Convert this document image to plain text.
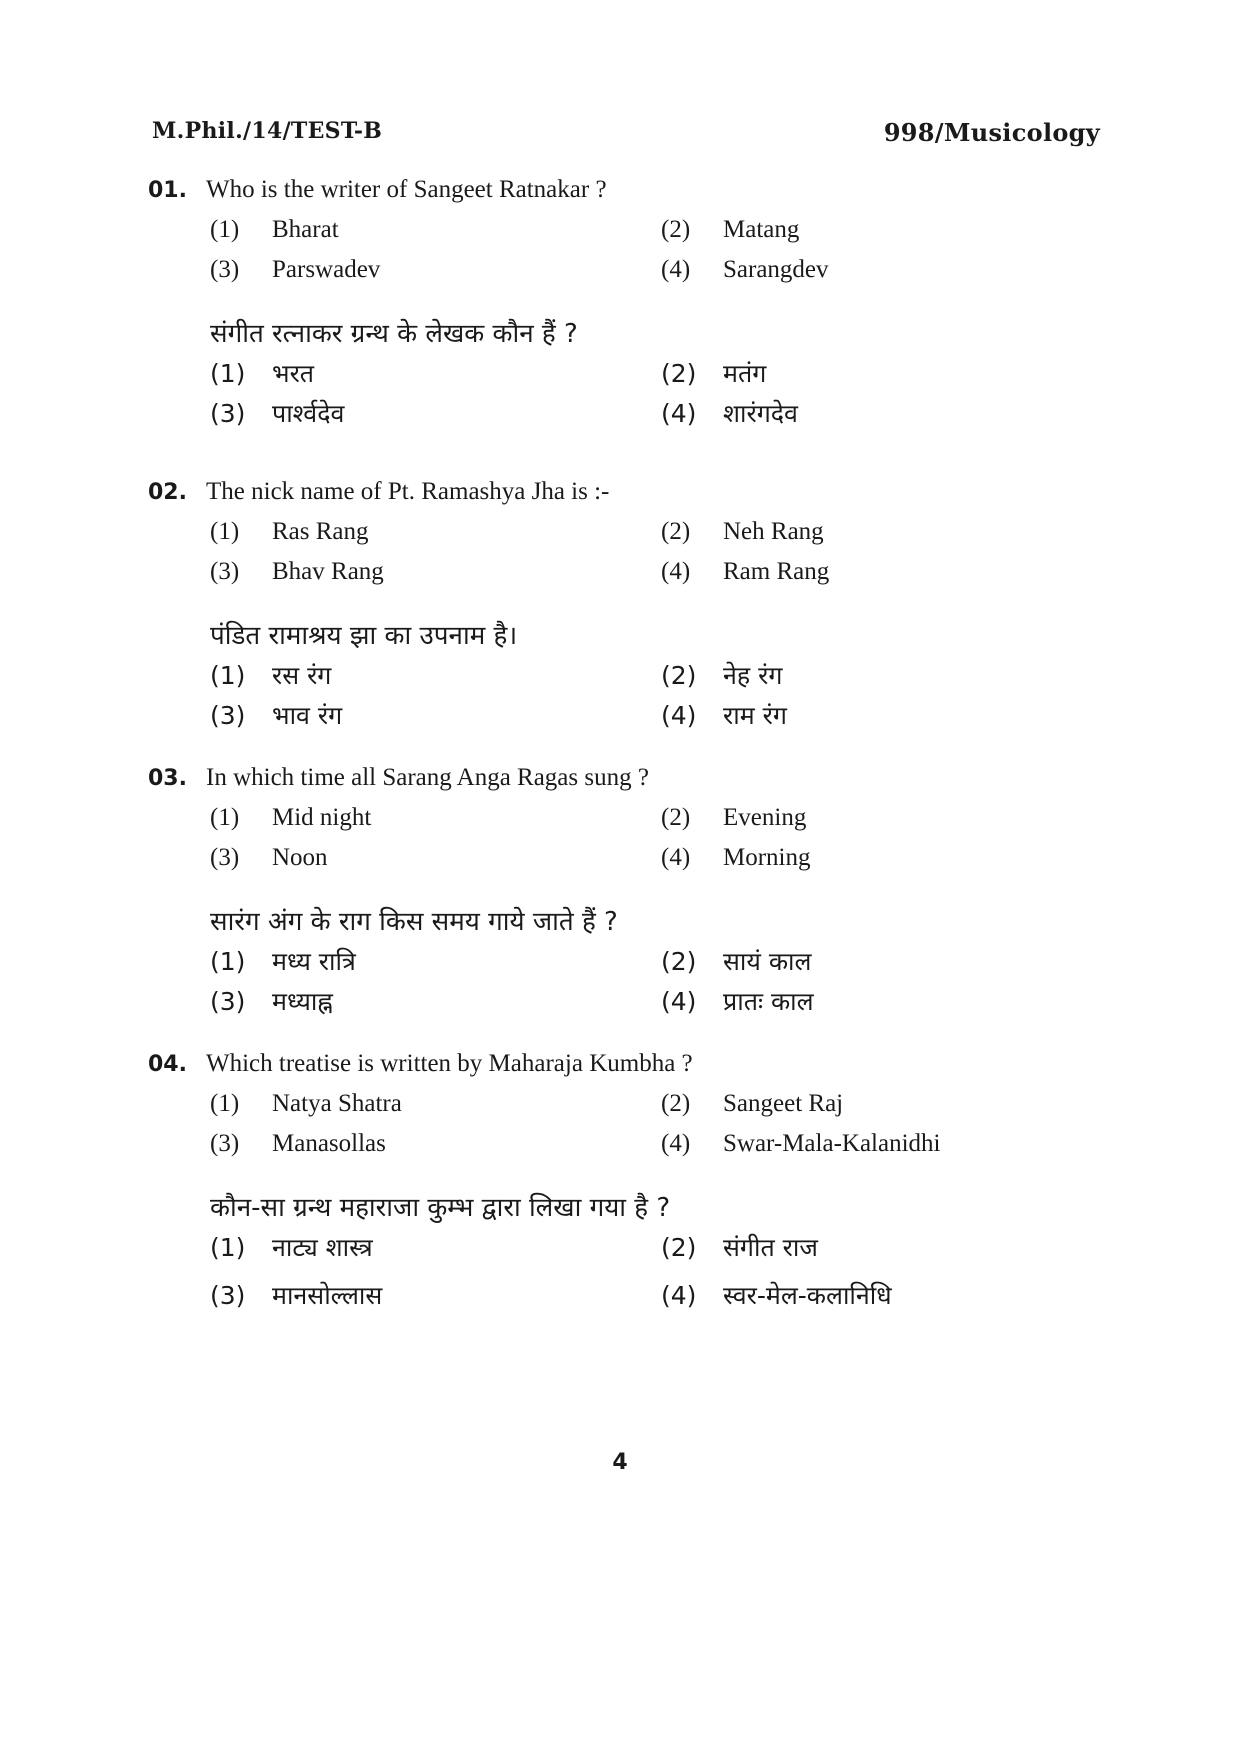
M.Phil./14/TEST-B	998/Musicology
01. Who is the writer of Sangeet Ratnakar ?
(1)	Bharat	(2)	Matang
(3)	Parswadev	(4)	Sarangdev
संगीत रत्नाकर ग्रन्थ के लेखक कौन हैं ?
(1)	भरत	(2)	मतंग
(3)	पार्श्वदेव	(4)	शारंगदेव
02. The nick name of Pt. Ramashya Jha is :-
(1)	Ras Rang	(2)	Neh Rang
(3)	Bhav Rang	(4)	Ram Rang
पंडित रामाश्रय झा का उपनाम है।
(1)	रस रंग	(2)	नेह रंग
(3)	भाव रंग	(4)	राम रंग
03. In which time all Sarang Anga Ragas sung ?
(1)	Mid night	(2)	Evening
(3)	Noon	(4)	Morning
सारंग अंग के राग किस समय गाये जाते हैं ?
(1)	मध्य रात्रि	(2)	सायं काल
(3)	मध्याह्न	(4)	प्रातः काल
04. Which treatise is written by Maharaja Kumbha ?
(1)	Natya Shatra	(2)	Sangeet Raj
(3)	Manasollas	(4)	Swar-Mala-Kalanidhi
कौन-सा ग्रन्थ महाराजा कुम्भ द्वारा लिखा गया है ?
(1)	नाट्य शास्त्र	(2)	संगीत राज
(3)	मानसोल्लास	(4)	स्वर-मेल-कलानिधि
4
